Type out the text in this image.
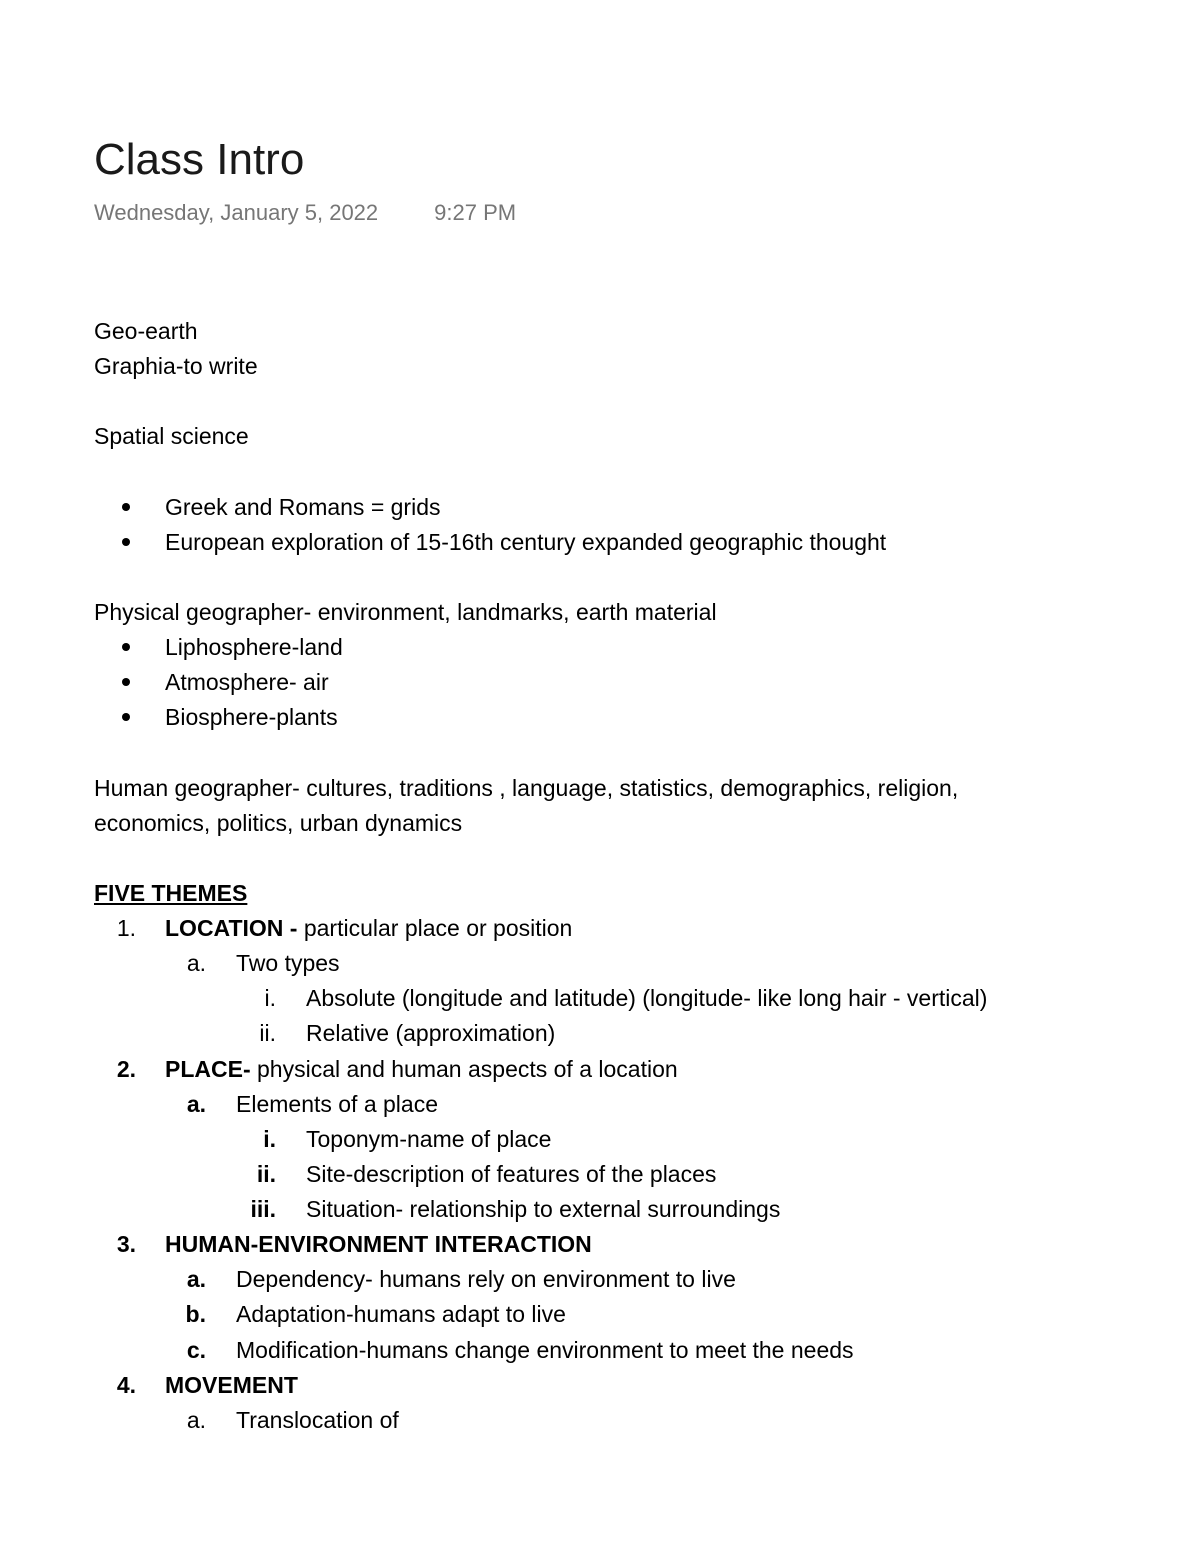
Class Intro
Wednesday, January 5, 2022	9:27 PM
Geo-earth
Graphia-to write
Spatial science
Greek and Romans = grids
European exploration of 15-16th century expanded geographic thought
Physical geographer- environment, landmarks, earth material
Liphosphere-land
Atmosphere- air
Biosphere-plants
Human geographer- cultures, traditions , language, statistics, demographics, religion,
economics, politics, urban dynamics
FIVE THEMES
1. LOCATION - particular place or position
a. Two types
i. Absolute (longitude and latitude) (longitude- like long hair - vertical)
ii. Relative (approximation)
2. PLACE- physical and human aspects of a location
a. Elements of a place
i. Toponym-name of place
ii. Site-description of features of the places
iii. Situation- relationship to external surroundings
3. HUMAN-ENVIRONMENT INTERACTION
a. Dependency- humans rely on environment to live
b. Adaptation-humans adapt to live
c. Modification-humans change environment to meet the needs
4. MOVEMENT
a. Translocation of
